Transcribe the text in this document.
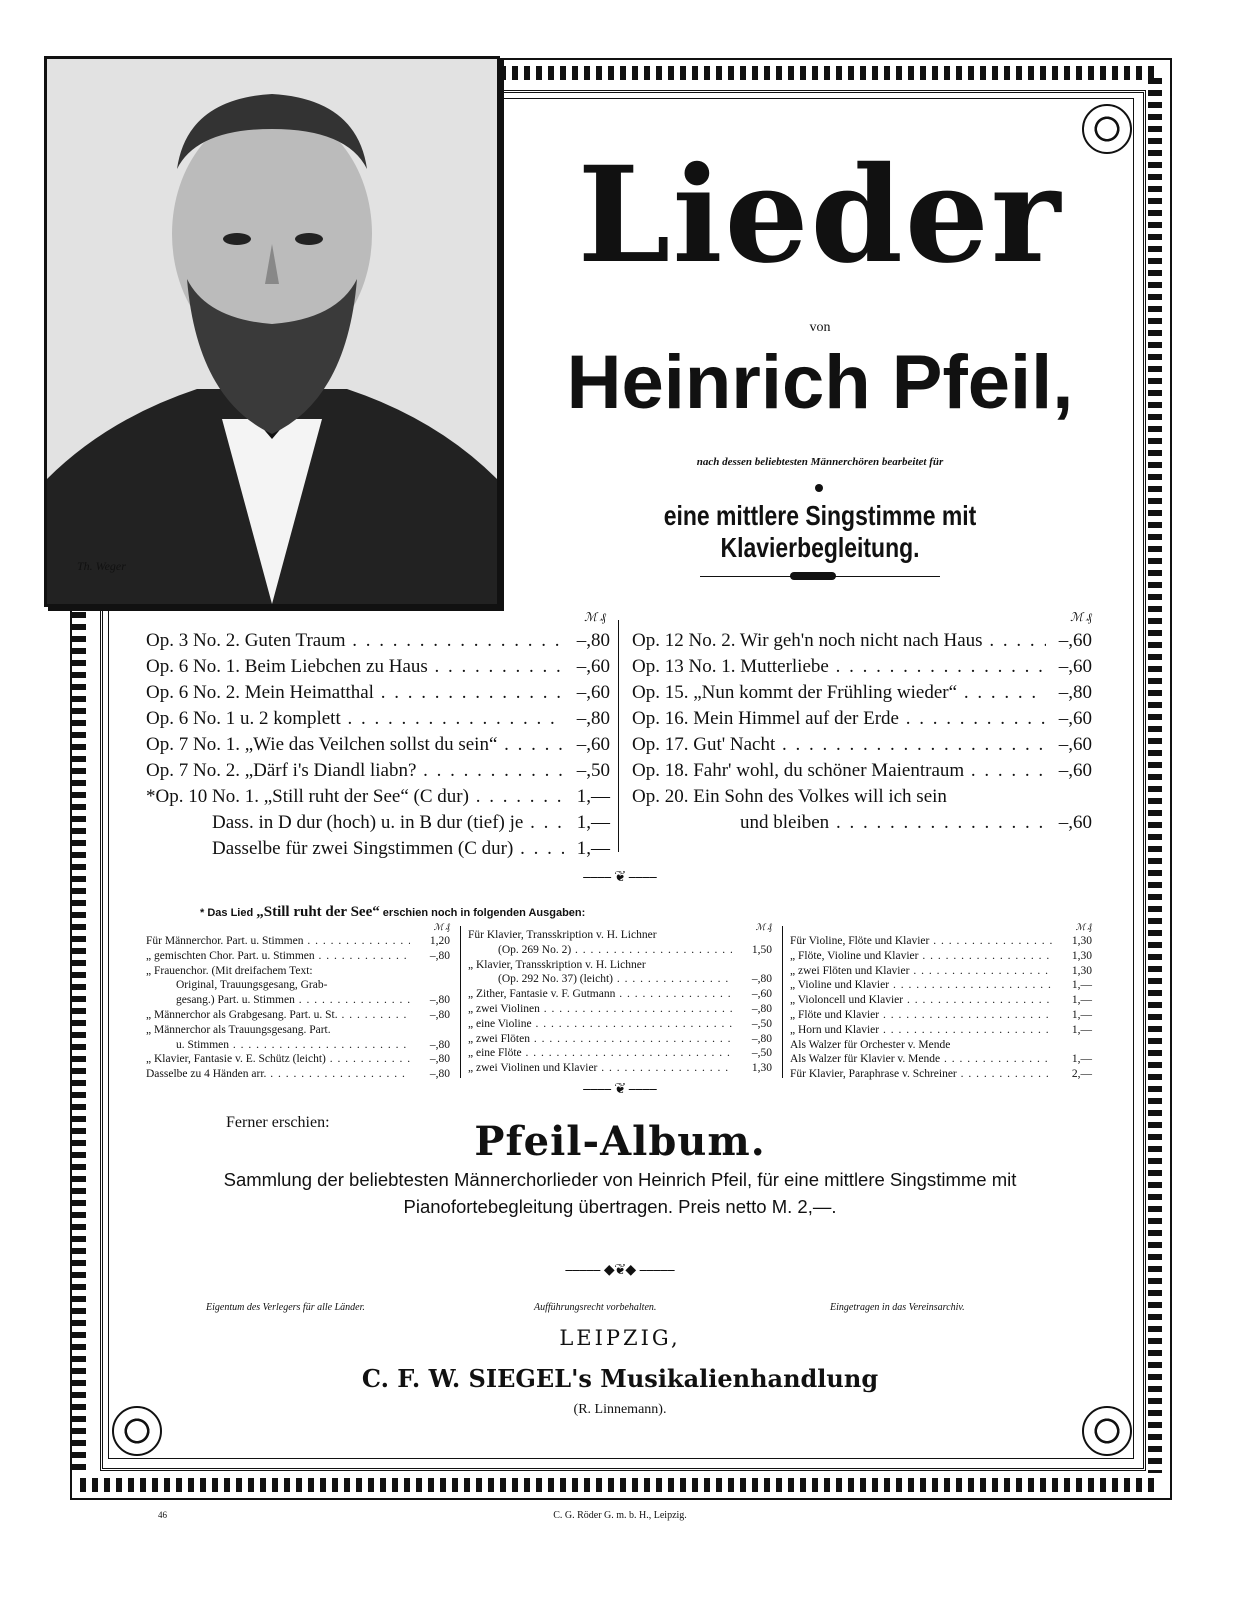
Th. Weger
Lieder
von
Heinrich Pfeil,
nach dessen beliebtesten Männerchören bearbeitet für
eine mittlere Singstimme mit Klavierbegleitung.
ℳ ₰
Op. 3 No. 2. Guten Traum . . .	–,80
Op. 6 No. 1. Beim Liebchen zu Haus . . .	–,60
Op. 6 No. 2. Mein Heimatthal . . .	–,60
Op. 6 No. 1 u. 2 komplett . . .	–,80
Op. 7 No. 1. „Wie das Veilchen sollst du sein“ . . .	–,60
Op. 7 No. 2. „Därf i's Diandl liabn? . . .	–,50
*Op. 10 No. 1. „Still ruht der See“ (C dur) . . .	1,—
Dass. in D dur (hoch) u. in B dur (tief) je . . .	1,—
Dasselbe für zwei Singstimmen (C dur) . . .	1,—
ℳ ₰
Op. 12 No. 2. Wir geh'n noch nicht nach Haus . . .	–,60
Op. 13 No. 1. Mutterliebe . . .	–,60
Op. 15. „Nun kommt der Frühling wieder“ . . .	–,80
Op. 16. Mein Himmel auf der Erde . . .	–,60
Op. 17. Gut' Nacht . . .	–,60
Op. 18. Fahr' wohl, du schöner Maientraum . . .	–,60
Op. 20. Ein Sohn des Volkes will ich sein
und bleiben . . .	–,60
⎯⎯⎯⎯ ❦ ⎯⎯⎯⎯
* Das Lied „Still ruht der See“ erschien noch in folgenden Ausgaben:
ℳ ₰
Für Männerchor. Part. u. Stimmen . . .	1,20
„ gemischten Chor. Part. u. Stimmen . . .	–,80
„ Frauenchor. (Mit dreifachem Text:
Original, Trauungsgesang, Grab-
gesang.) Part. u. Stimmen . . .	–,80
„ Männerchor als Grabgesang. Part. u. St. . . .	–,80
„ Männerchor als Trauungsgesang. Part.
u. Stimmen . . .	–,80
„ Klavier, Fantasie v. E. Schütz (leicht) . . .	–,80
Dasselbe zu 4 Händen arr. . . .	–,80
ℳ ₰
Für Klavier, Transskription v. H. Lichner
(Op. 269 No. 2) . . .	1,50
„ Klavier, Transskription v. H. Lichner
(Op. 292 No. 37) (leicht) . . .	–,80
„ Zither, Fantasie v. F. Gutmann . . .	–,60
„ zwei Violinen . . .	–,80
„ eine Violine . . .	–,50
„ zwei Flöten . . .	–,80
„ eine Flöte . . .	–,50
„ zwei Violinen und Klavier . . .	1,30
ℳ ₰
Für Violine, Flöte und Klavier . . .	1,30
„ Flöte, Violine und Klavier . . .	1,30
„ zwei Flöten und Klavier . . .	1,30
„ Violine und Klavier . . .	1,—
„ Violoncell und Klavier . . .	1,—
„ Flöte und Klavier . . .	1,—
„ Horn und Klavier . . .	1,—
Als Walzer für Orchester v. Mende
Als Walzer für Klavier v. Mende . . .	1,—
Für Klavier, Paraphrase v. Schreiner . . .	2,—
⎯⎯⎯⎯ ❦ ⎯⎯⎯⎯
Ferner erschien:	Pfeil-Album.
Sammlung der beliebtesten Männerchorlieder von Heinrich Pfeil, für eine mittlere Singstimme mit
Pianofortebegleitung übertragen. Preis netto M. 2,—.
⎯⎯⎯⎯⎯ ◆❦◆ ⎯⎯⎯⎯⎯
Eigentum des Verlegers für alle Länder.	Aufführungsrecht vorbehalten.	Eingetragen in das Vereinsarchiv.
LEIPZIG,
C. F. W. SIEGEL's Musikalienhandlung
(R. Linnemann).
46	C. G. Röder G. m. b. H., Leipzig.
